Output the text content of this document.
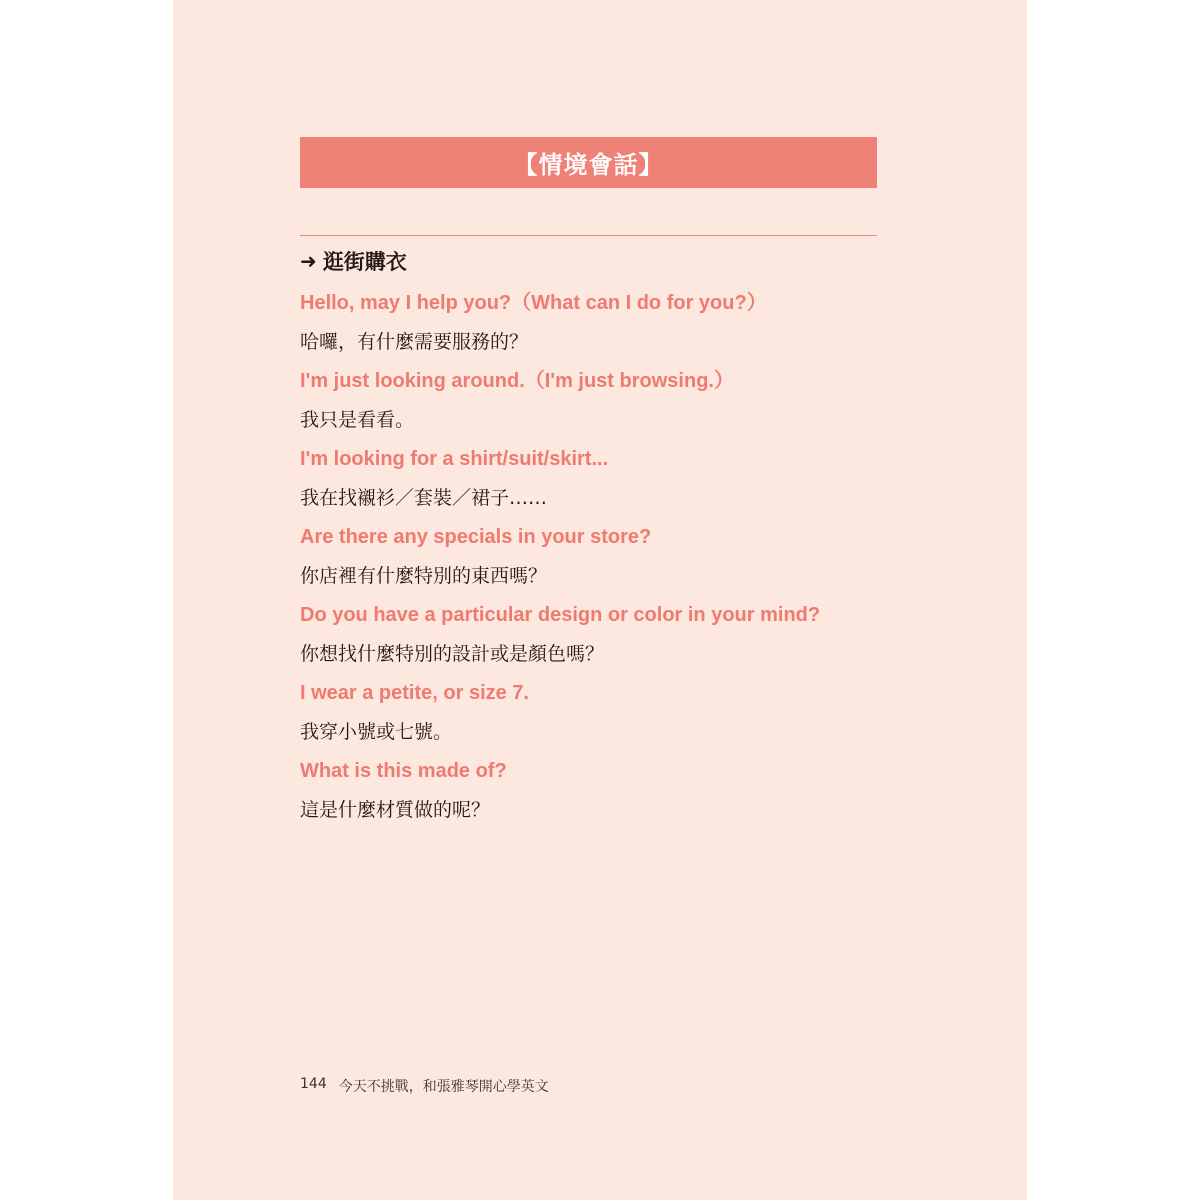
【情境會話】
➜ 逛街購衣
Hello, may I help you?（What can I do for you?）
哈囉，有什麼需要服務的？
I'm just looking around.（I'm just browsing.）
我只是看看。
I'm looking for a shirt/suit/skirt...
我在找襯衫／套裝／裙子……
Are there any specials in your store?
你店裡有什麼特別的東西嗎？
Do you have a particular design or color in your mind?
你想找什麼特別的設計或是顏色嗎？
I wear a petite, or size 7.
我穿小號或七號。
What is this made of?
這是什麼材質做的呢？
144 今天不挑戰，和張雅琴開心學英文
